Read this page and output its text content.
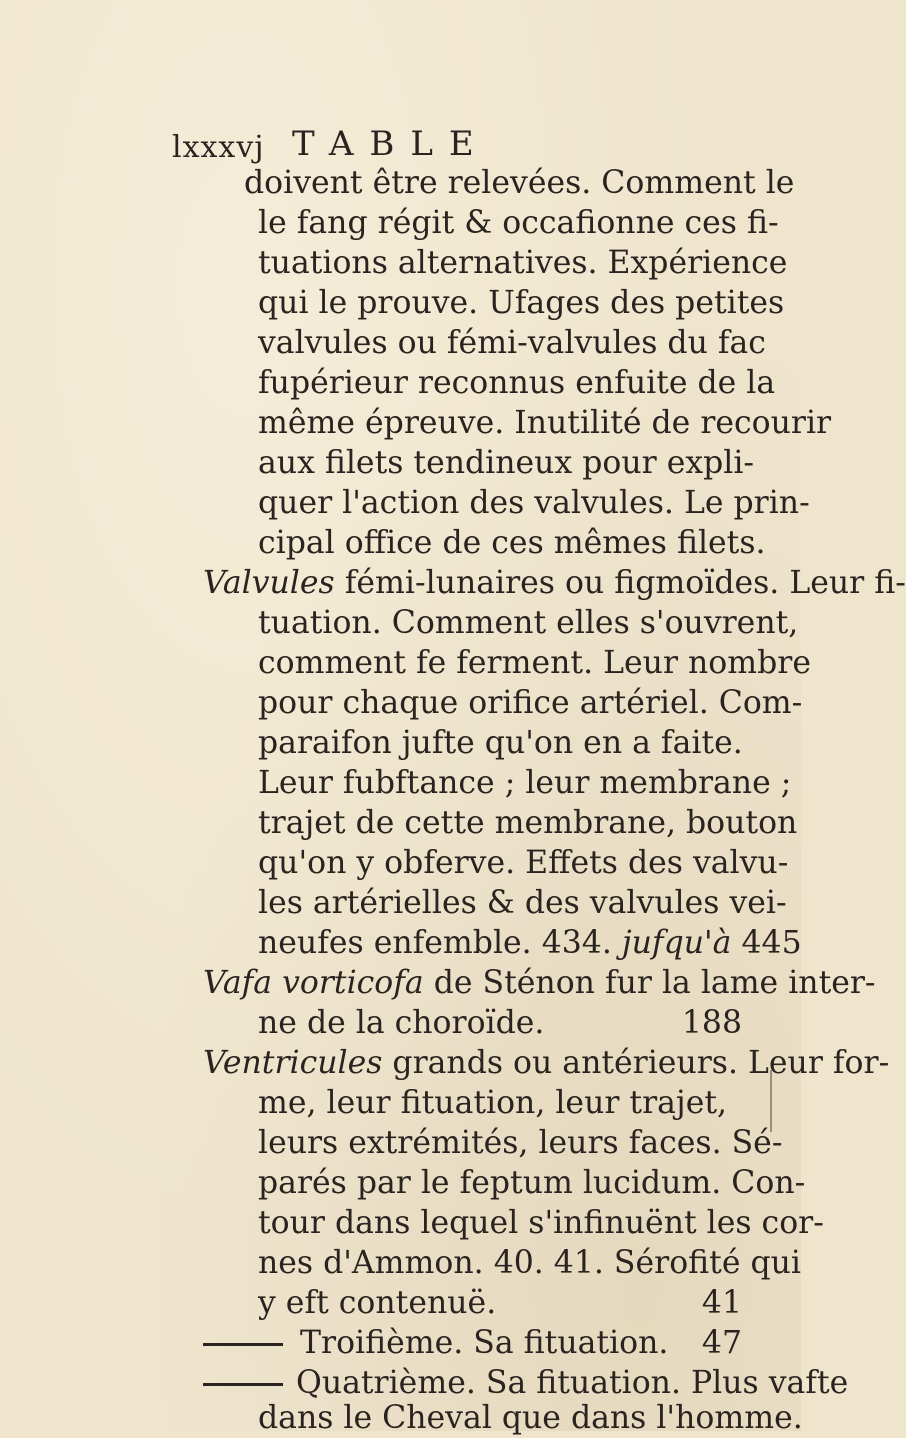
lxxxvj TABLE
doivent être relevées. Comment le
le fang régit & occafionne ces fi-
tuations alternatives. Expérience
qui le prouve. Ufages des petites
valvules ou fémi-valvules du fac
fupérieur reconnus enfuite de la
même épreuve. Inutilité de recourir
aux filets tendineux pour expli-
quer l'action des valvules. Le prin-
cipal office de ces mêmes filets.
Valvules fémi-lunaires ou figmoïdes. Leur fi-
tuation. Comment elles s'ouvrent,
comment fe ferment. Leur nombre
pour chaque orifice artériel. Com-
paraifon jufte qu'on en a faite.
Leur fubftance ; leur membrane ;
trajet de cette membrane, bouton
qu'on y obferve. Effets des valvu-
les artérielles & des valvules vei-
neufes enfemble. 434. jufqu'à 445
Vafa vorticofa de Sténon fur la lame inter-
ne de la choroïde.	188
Ventricules grands ou antérieurs. Leur for-
me, leur fituation, leur trajet,
leurs extrémités, leurs faces. Sé-
parés par le feptum lucidum. Con-
tour dans lequel s'infinuënt les cor-
nes d'Ammon. 40. 41. Sérofité qui
y eft contenuë.	41
Troifième. Sa fituation. 47
Quatrième. Sa fituation. Plus vafte
dans le Cheval que dans l'homme.
